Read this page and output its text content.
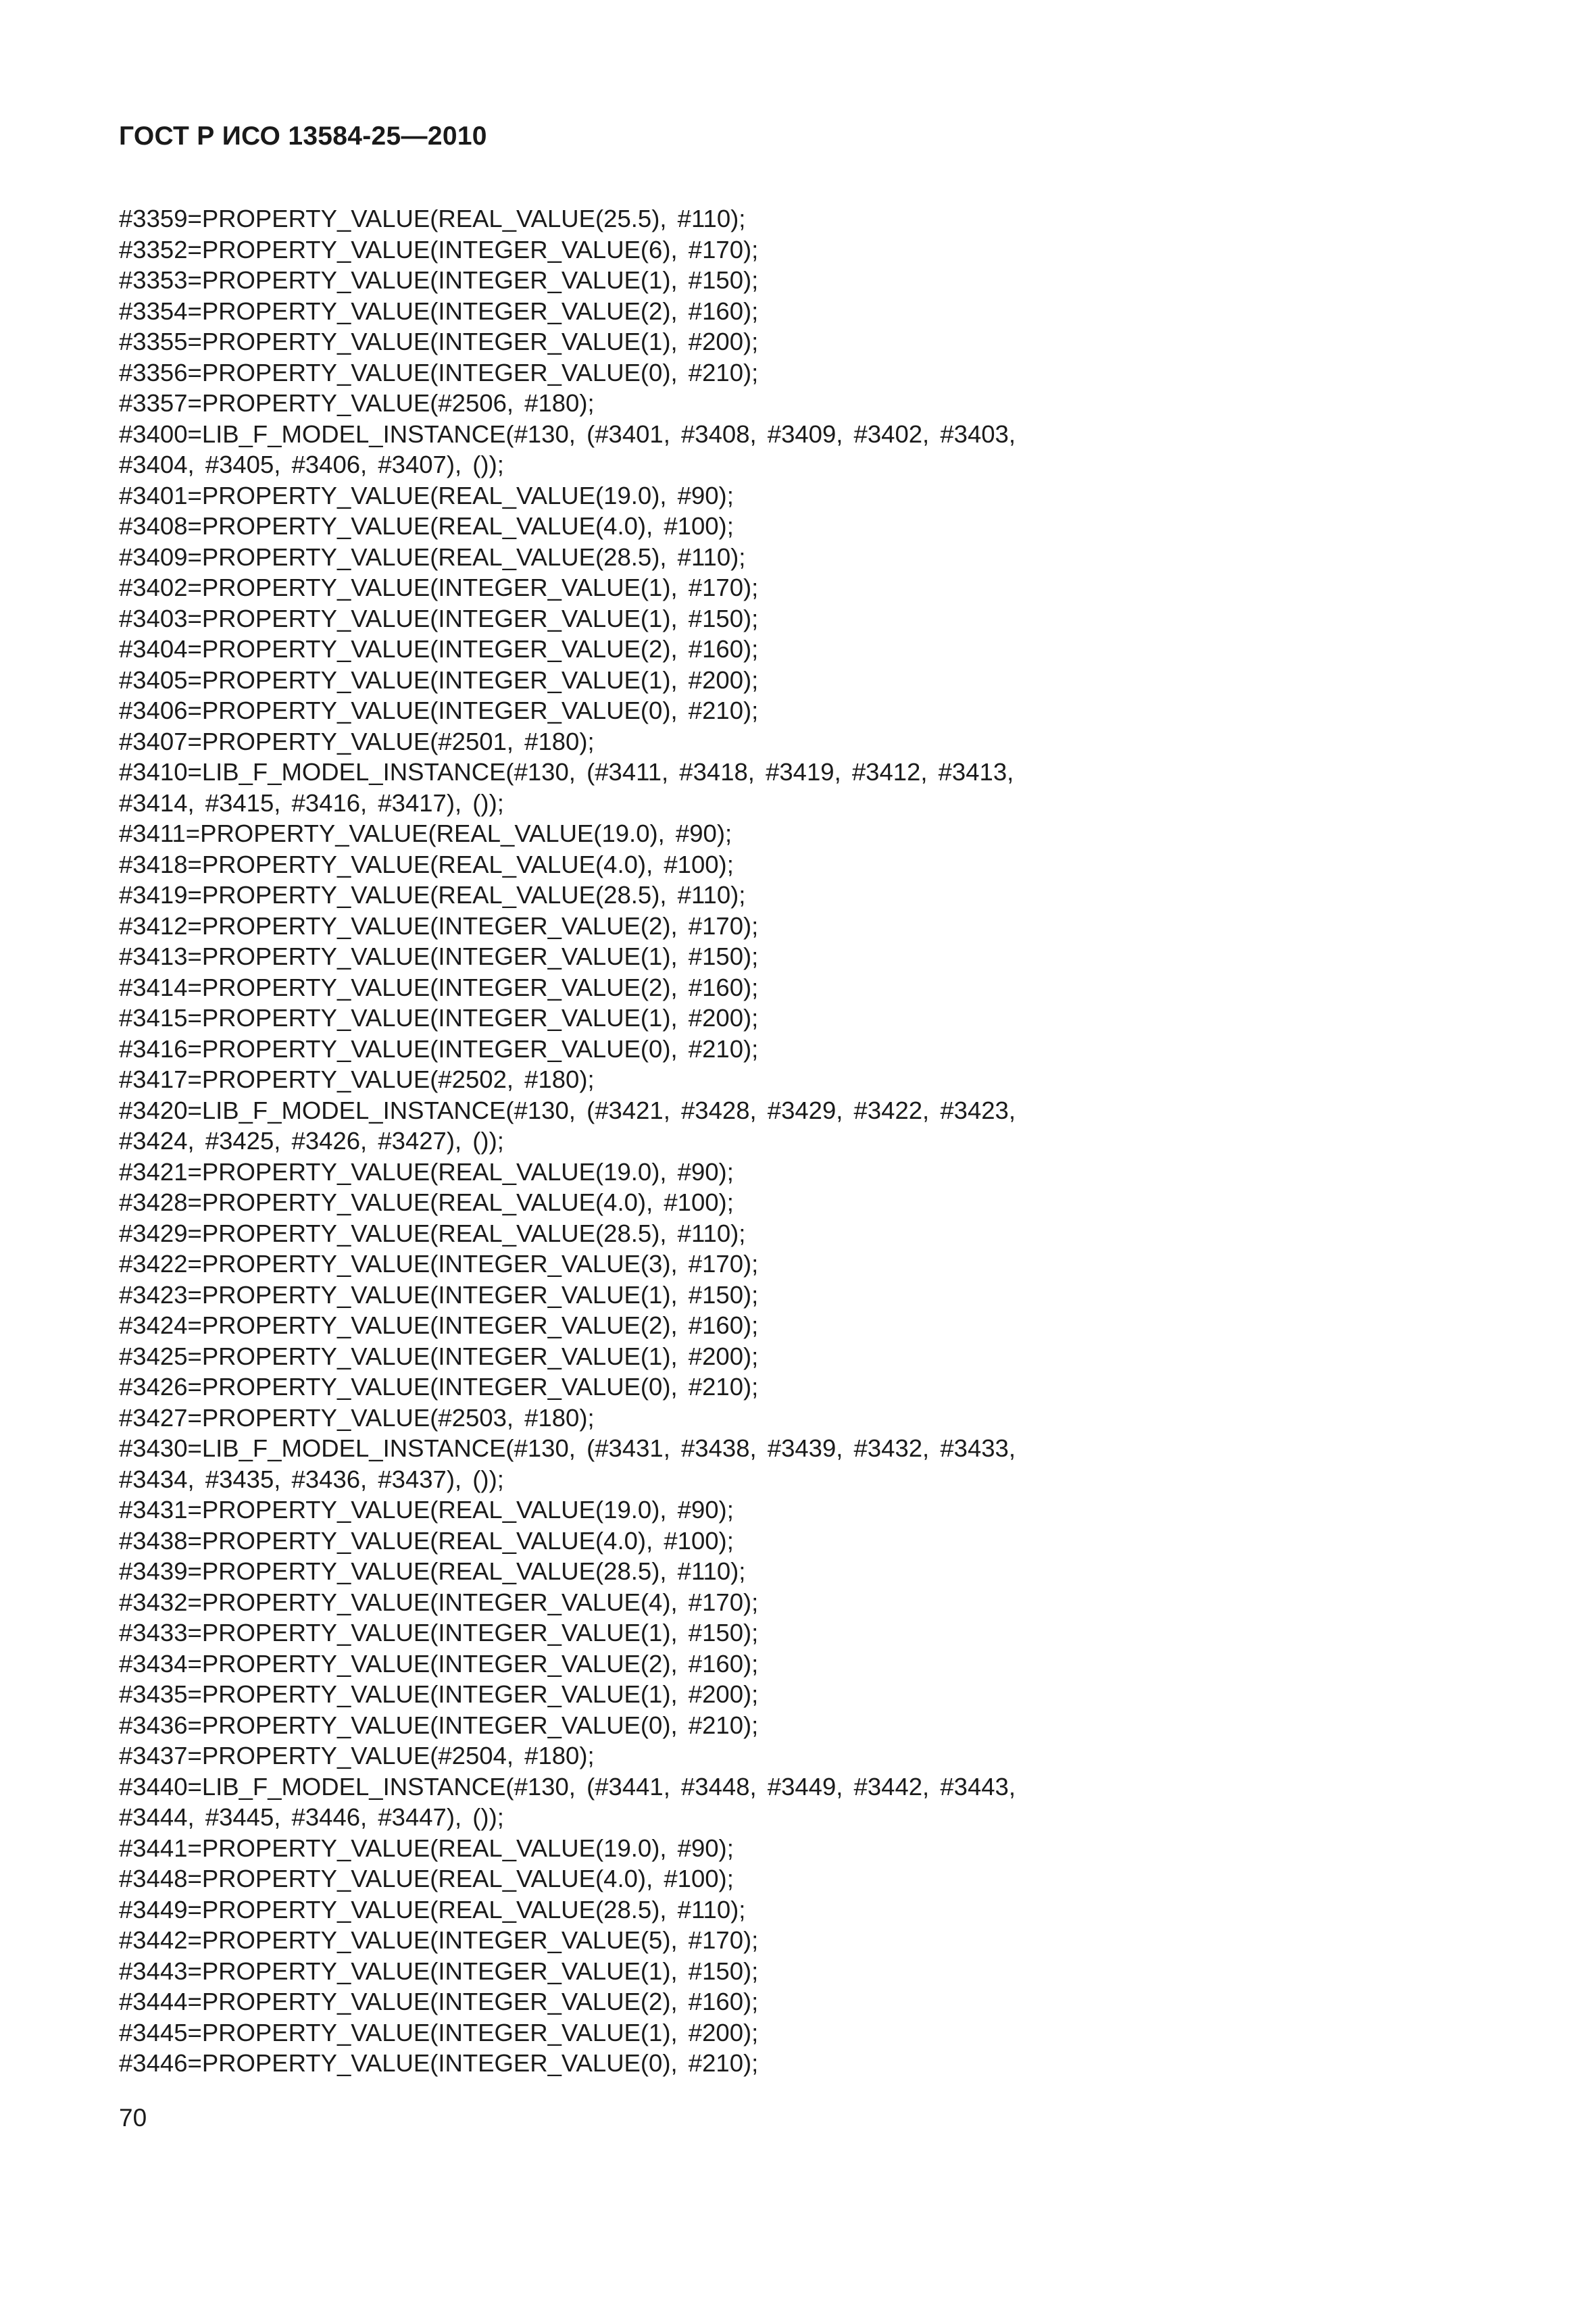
ГОСТ Р ИСО 13584-25—2010
#3359=PROPERTY_VALUE(REAL_VALUE(25.5), #110);
#3352=PROPERTY_VALUE(INTEGER_VALUE(6), #170);
#3353=PROPERTY_VALUE(INTEGER_VALUE(1), #150);
#3354=PROPERTY_VALUE(INTEGER_VALUE(2), #160);
#3355=PROPERTY_VALUE(INTEGER_VALUE(1), #200);
#3356=PROPERTY_VALUE(INTEGER_VALUE(0), #210);
#3357=PROPERTY_VALUE(#2506, #180);
#3400=LIB_F_MODEL_INSTANCE(#130, (#3401, #3408, #3409, #3402, #3403,
#3404, #3405, #3406, #3407), ());
#3401=PROPERTY_VALUE(REAL_VALUE(19.0), #90);
#3408=PROPERTY_VALUE(REAL_VALUE(4.0), #100);
#3409=PROPERTY_VALUE(REAL_VALUE(28.5), #110);
#3402=PROPERTY_VALUE(INTEGER_VALUE(1), #170);
#3403=PROPERTY_VALUE(INTEGER_VALUE(1), #150);
#3404=PROPERTY_VALUE(INTEGER_VALUE(2), #160);
#3405=PROPERTY_VALUE(INTEGER_VALUE(1), #200);
#3406=PROPERTY_VALUE(INTEGER_VALUE(0), #210);
#3407=PROPERTY_VALUE(#2501, #180);
#3410=LIB_F_MODEL_INSTANCE(#130, (#3411, #3418, #3419, #3412, #3413,
#3414, #3415, #3416, #3417), ());
#3411=PROPERTY_VALUE(REAL_VALUE(19.0), #90);
#3418=PROPERTY_VALUE(REAL_VALUE(4.0), #100);
#3419=PROPERTY_VALUE(REAL_VALUE(28.5), #110);
#3412=PROPERTY_VALUE(INTEGER_VALUE(2), #170);
#3413=PROPERTY_VALUE(INTEGER_VALUE(1), #150);
#3414=PROPERTY_VALUE(INTEGER_VALUE(2), #160);
#3415=PROPERTY_VALUE(INTEGER_VALUE(1), #200);
#3416=PROPERTY_VALUE(INTEGER_VALUE(0), #210);
#3417=PROPERTY_VALUE(#2502, #180);
#3420=LIB_F_MODEL_INSTANCE(#130, (#3421, #3428, #3429, #3422, #3423,
#3424, #3425, #3426, #3427), ());
#3421=PROPERTY_VALUE(REAL_VALUE(19.0), #90);
#3428=PROPERTY_VALUE(REAL_VALUE(4.0), #100);
#3429=PROPERTY_VALUE(REAL_VALUE(28.5), #110);
#3422=PROPERTY_VALUE(INTEGER_VALUE(3), #170);
#3423=PROPERTY_VALUE(INTEGER_VALUE(1), #150);
#3424=PROPERTY_VALUE(INTEGER_VALUE(2), #160);
#3425=PROPERTY_VALUE(INTEGER_VALUE(1), #200);
#3426=PROPERTY_VALUE(INTEGER_VALUE(0), #210);
#3427=PROPERTY_VALUE(#2503, #180);
#3430=LIB_F_MODEL_INSTANCE(#130, (#3431, #3438, #3439, #3432, #3433,
#3434, #3435, #3436, #3437), ());
#3431=PROPERTY_VALUE(REAL_VALUE(19.0), #90);
#3438=PROPERTY_VALUE(REAL_VALUE(4.0), #100);
#3439=PROPERTY_VALUE(REAL_VALUE(28.5), #110);
#3432=PROPERTY_VALUE(INTEGER_VALUE(4), #170);
#3433=PROPERTY_VALUE(INTEGER_VALUE(1), #150);
#3434=PROPERTY_VALUE(INTEGER_VALUE(2), #160);
#3435=PROPERTY_VALUE(INTEGER_VALUE(1), #200);
#3436=PROPERTY_VALUE(INTEGER_VALUE(0), #210);
#3437=PROPERTY_VALUE(#2504, #180);
#3440=LIB_F_MODEL_INSTANCE(#130, (#3441, #3448, #3449, #3442, #3443,
#3444, #3445, #3446, #3447), ());
#3441=PROPERTY_VALUE(REAL_VALUE(19.0), #90);
#3448=PROPERTY_VALUE(REAL_VALUE(4.0), #100);
#3449=PROPERTY_VALUE(REAL_VALUE(28.5), #110);
#3442=PROPERTY_VALUE(INTEGER_VALUE(5), #170);
#3443=PROPERTY_VALUE(INTEGER_VALUE(1), #150);
#3444=PROPERTY_VALUE(INTEGER_VALUE(2), #160);
#3445=PROPERTY_VALUE(INTEGER_VALUE(1), #200);
#3446=PROPERTY_VALUE(INTEGER_VALUE(0), #210);
70
